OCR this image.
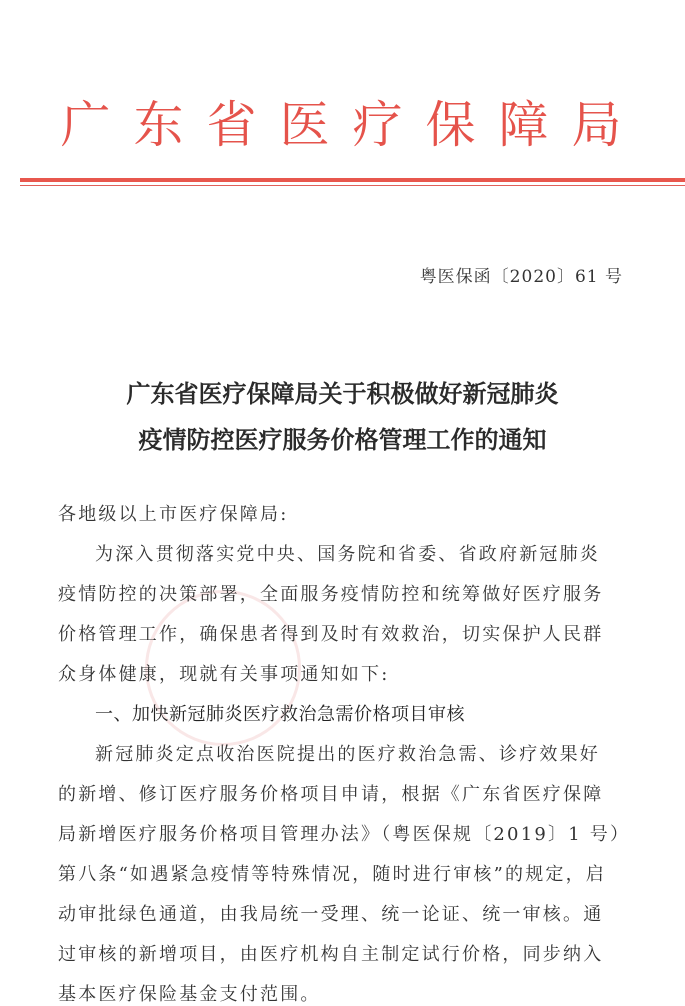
广东省医疗保障局
粤医保函〔2020〕61 号
广东省医疗保障局关于积极做好新冠肺炎
疫情防控医疗服务价格管理工作的通知
各地级以上市医疗保障局:
为深入贯彻落实党中央、国务院和省委、省政府新冠肺炎
疫情防控的决策部署，全面服务疫情防控和统筹做好医疗服务
价格管理工作，确保患者得到及时有效救治，切实保护人民群
众身体健康，现就有关事项通知如下:
一、加快新冠肺炎医疗救治急需价格项目审核
新冠肺炎定点收治医院提出的医疗救治急需、诊疗效果好
的新增、修订医疗服务价格项目申请，根据《广东省医疗保障
局新增医疗服务价格项目管理办法》（粤医保规〔2019〕1 号）
第八条“如遇紧急疫情等特殊情况，随时进行审核”的规定，启
动审批绿色通道，由我局统一受理、统一论证、统一审核。通
过审核的新增项目，由医疗机构自主制定试行价格，同步纳入
基本医疗保险基金支付范围。
